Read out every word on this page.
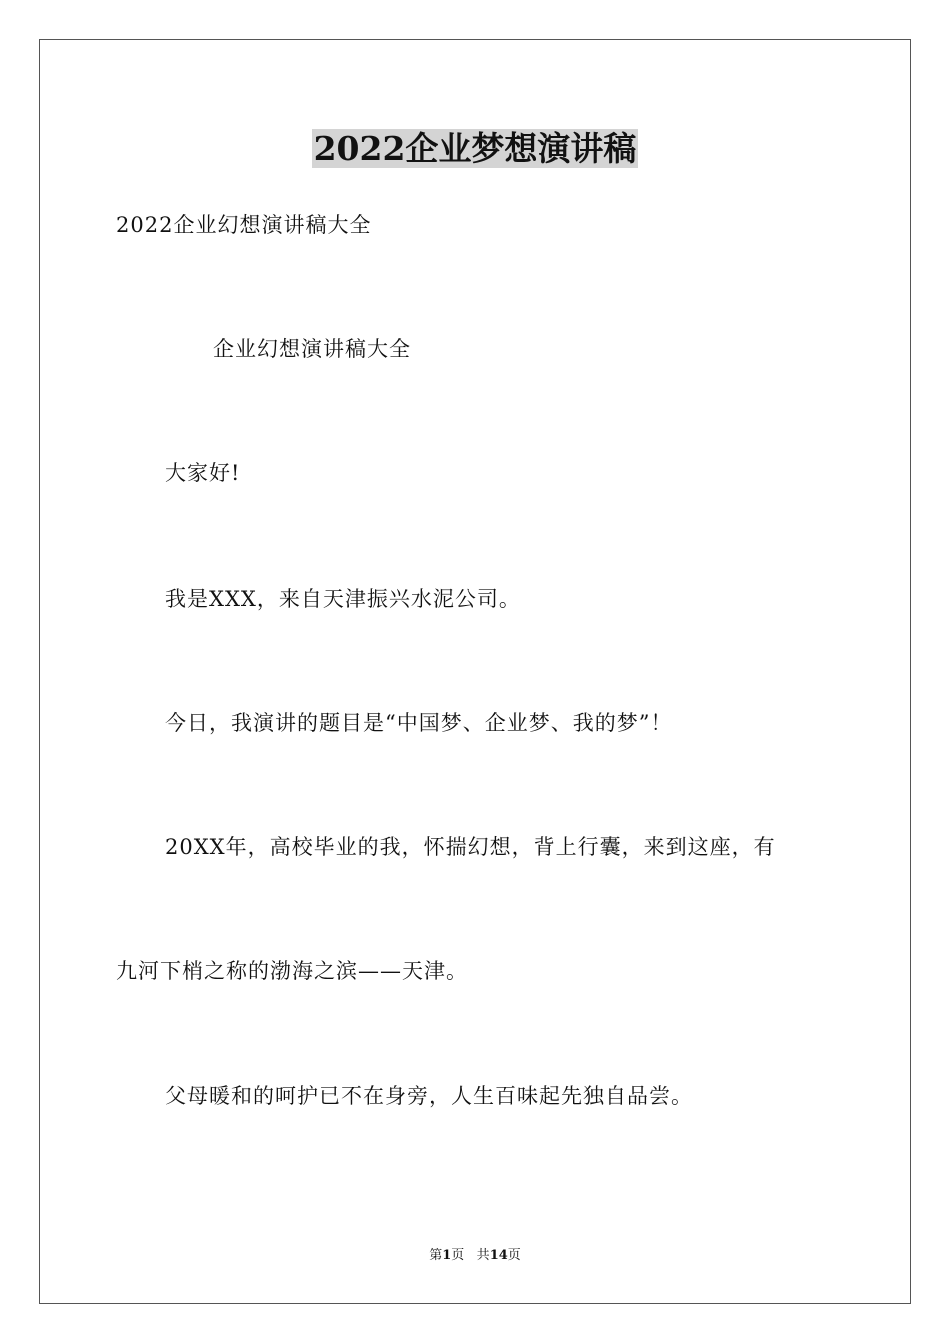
2022企业梦想演讲稿
2022企业幻想演讲稿大全
企业幻想演讲稿大全
大家好!
我是XXX，来自天津振兴水泥公司。
今日，我演讲的题目是“中国梦、企业梦、我的梦”！
20XX年，高校毕业的我，怀揣幻想，背上行囊，来到这座，有
九河下梢之称的渤海之滨——天津。
父母暖和的呵护已不在身旁，人生百味起先独自品尝。
第1页 共14页
